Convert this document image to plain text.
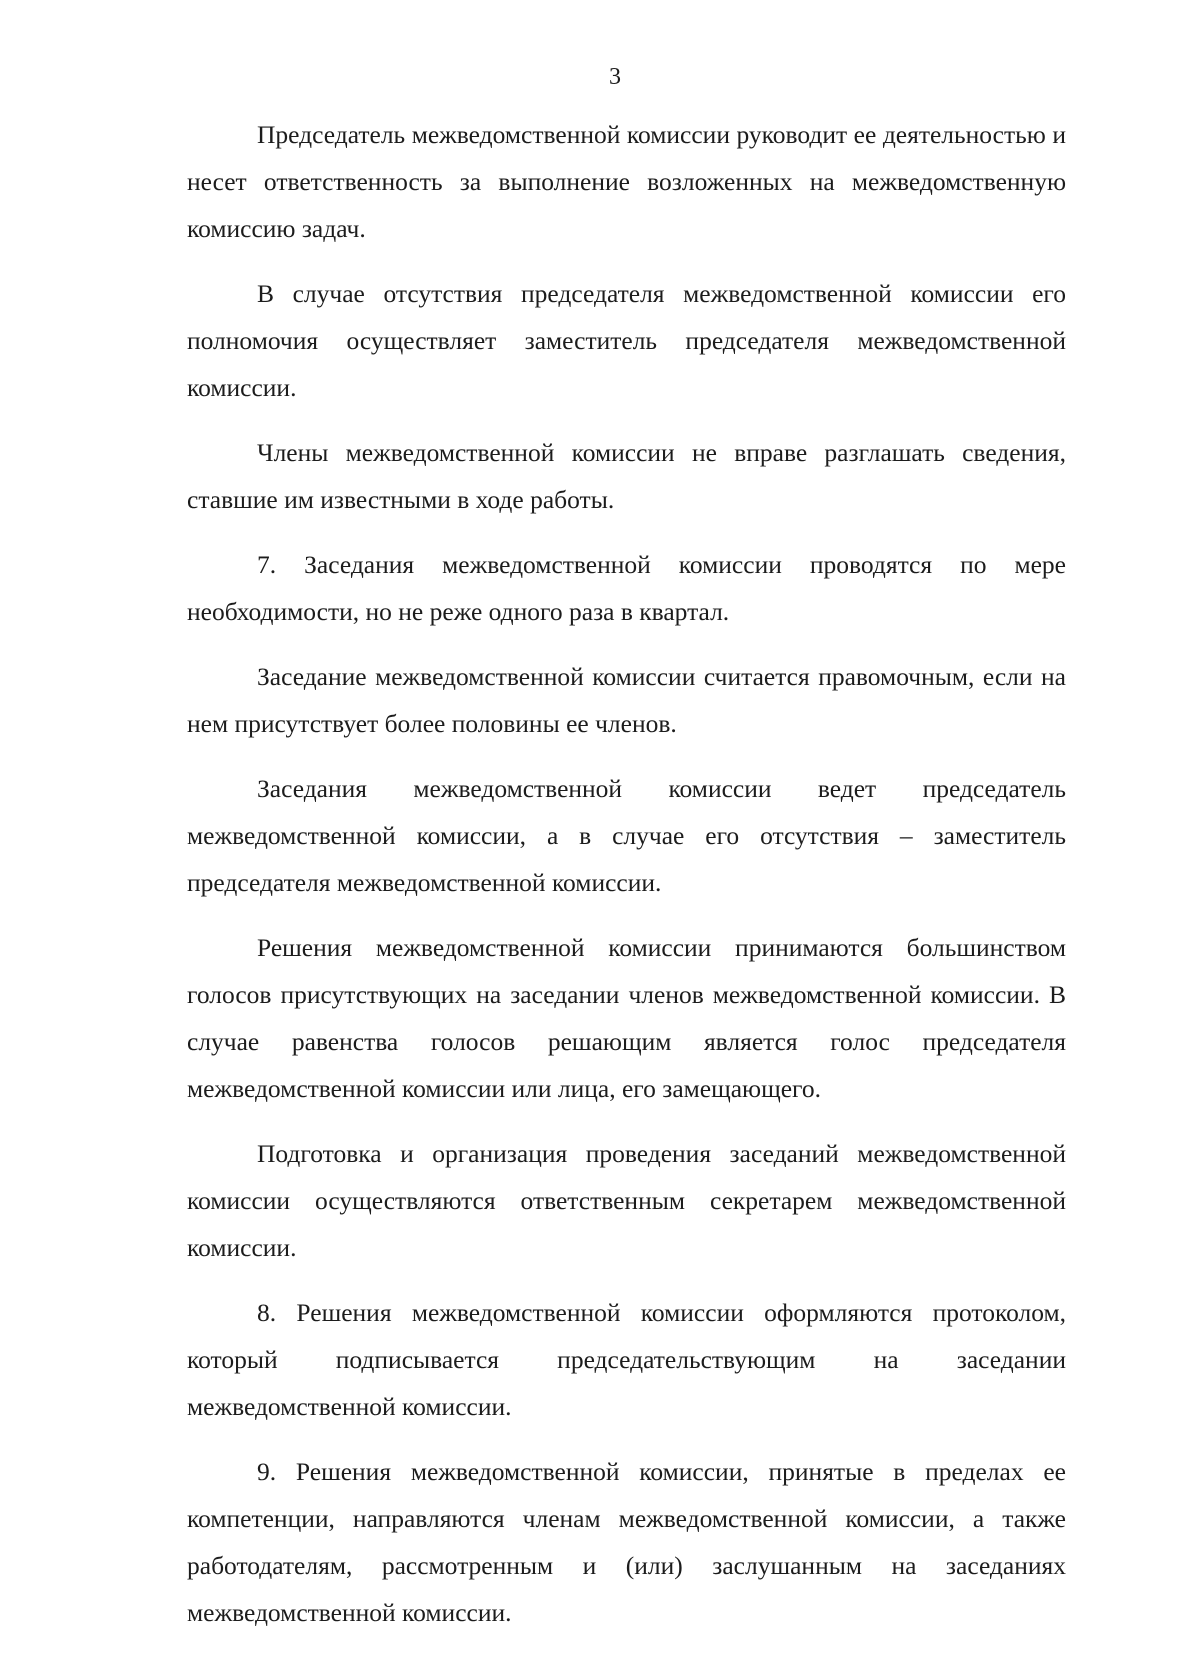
3

Председатель межведомственной комиссии руководит ее деятельностью и несет ответственность за выполнение возложенных на межведомственную комиссию задач.

В случае отсутствия председателя межведомственной комиссии его полномочия осуществляет заместитель председателя межведомственной комиссии.

Члены межведомственной комиссии не вправе разглашать сведения, ставшие им известными в ходе работы.

7. Заседания межведомственной комиссии проводятся по мере необходимости, но не реже одного раза в квартал.

Заседание межведомственной комиссии считается правомочным, если на нем присутствует более половины ее членов.

Заседания межведомственной комиссии ведет председатель межведомственной комиссии, а в случае его отсутствия – заместитель председателя межведомственной комиссии.

Решения межведомственной комиссии принимаются большинством голосов присутствующих на заседании членов межведомственной комиссии. В случае равенства голосов решающим является голос председателя межведомственной комиссии или лица, его замещающего.

Подготовка и организация проведения заседаний межведомственной комиссии осуществляются ответственным секретарем межведомственной комиссии.

8. Решения межведомственной комиссии оформляются протоколом, который подписывается председательствующим на заседании межведомственной комиссии.

9. Решения межведомственной комиссии, принятые в пределах ее компетенции, направляются членам межведомственной комиссии, а также работодателям, рассмотренным и (или) заслушанным на заседаниях межведомственной комиссии.
